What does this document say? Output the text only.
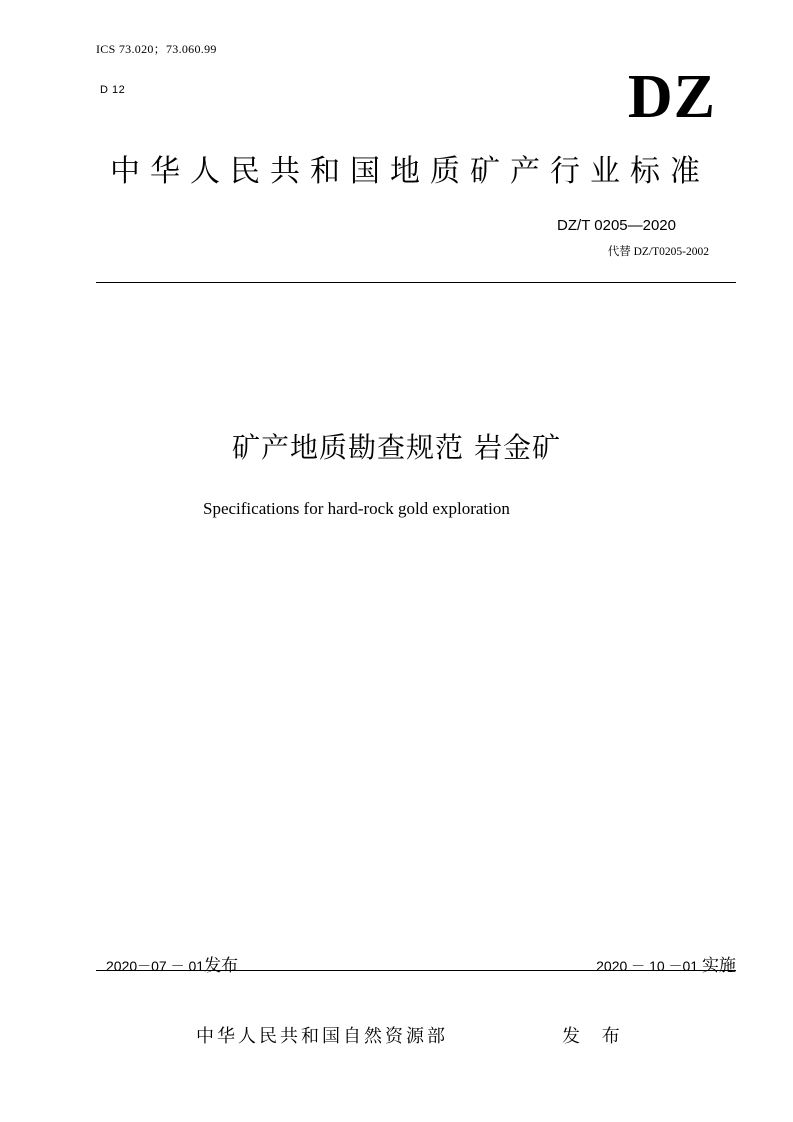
ICS 73.020；73.060.99
D 12	DZ
中华人民共和国地质矿产行业标准
DZ/T 0205—2020
代替 DZ/T0205-2002
矿产地质勘查规范 岩金矿
Specifications for hard-rock gold exploration
2020－07 － 01发布	2020 － 10 －01 实施
中华人民共和国自然资源部	发 布
